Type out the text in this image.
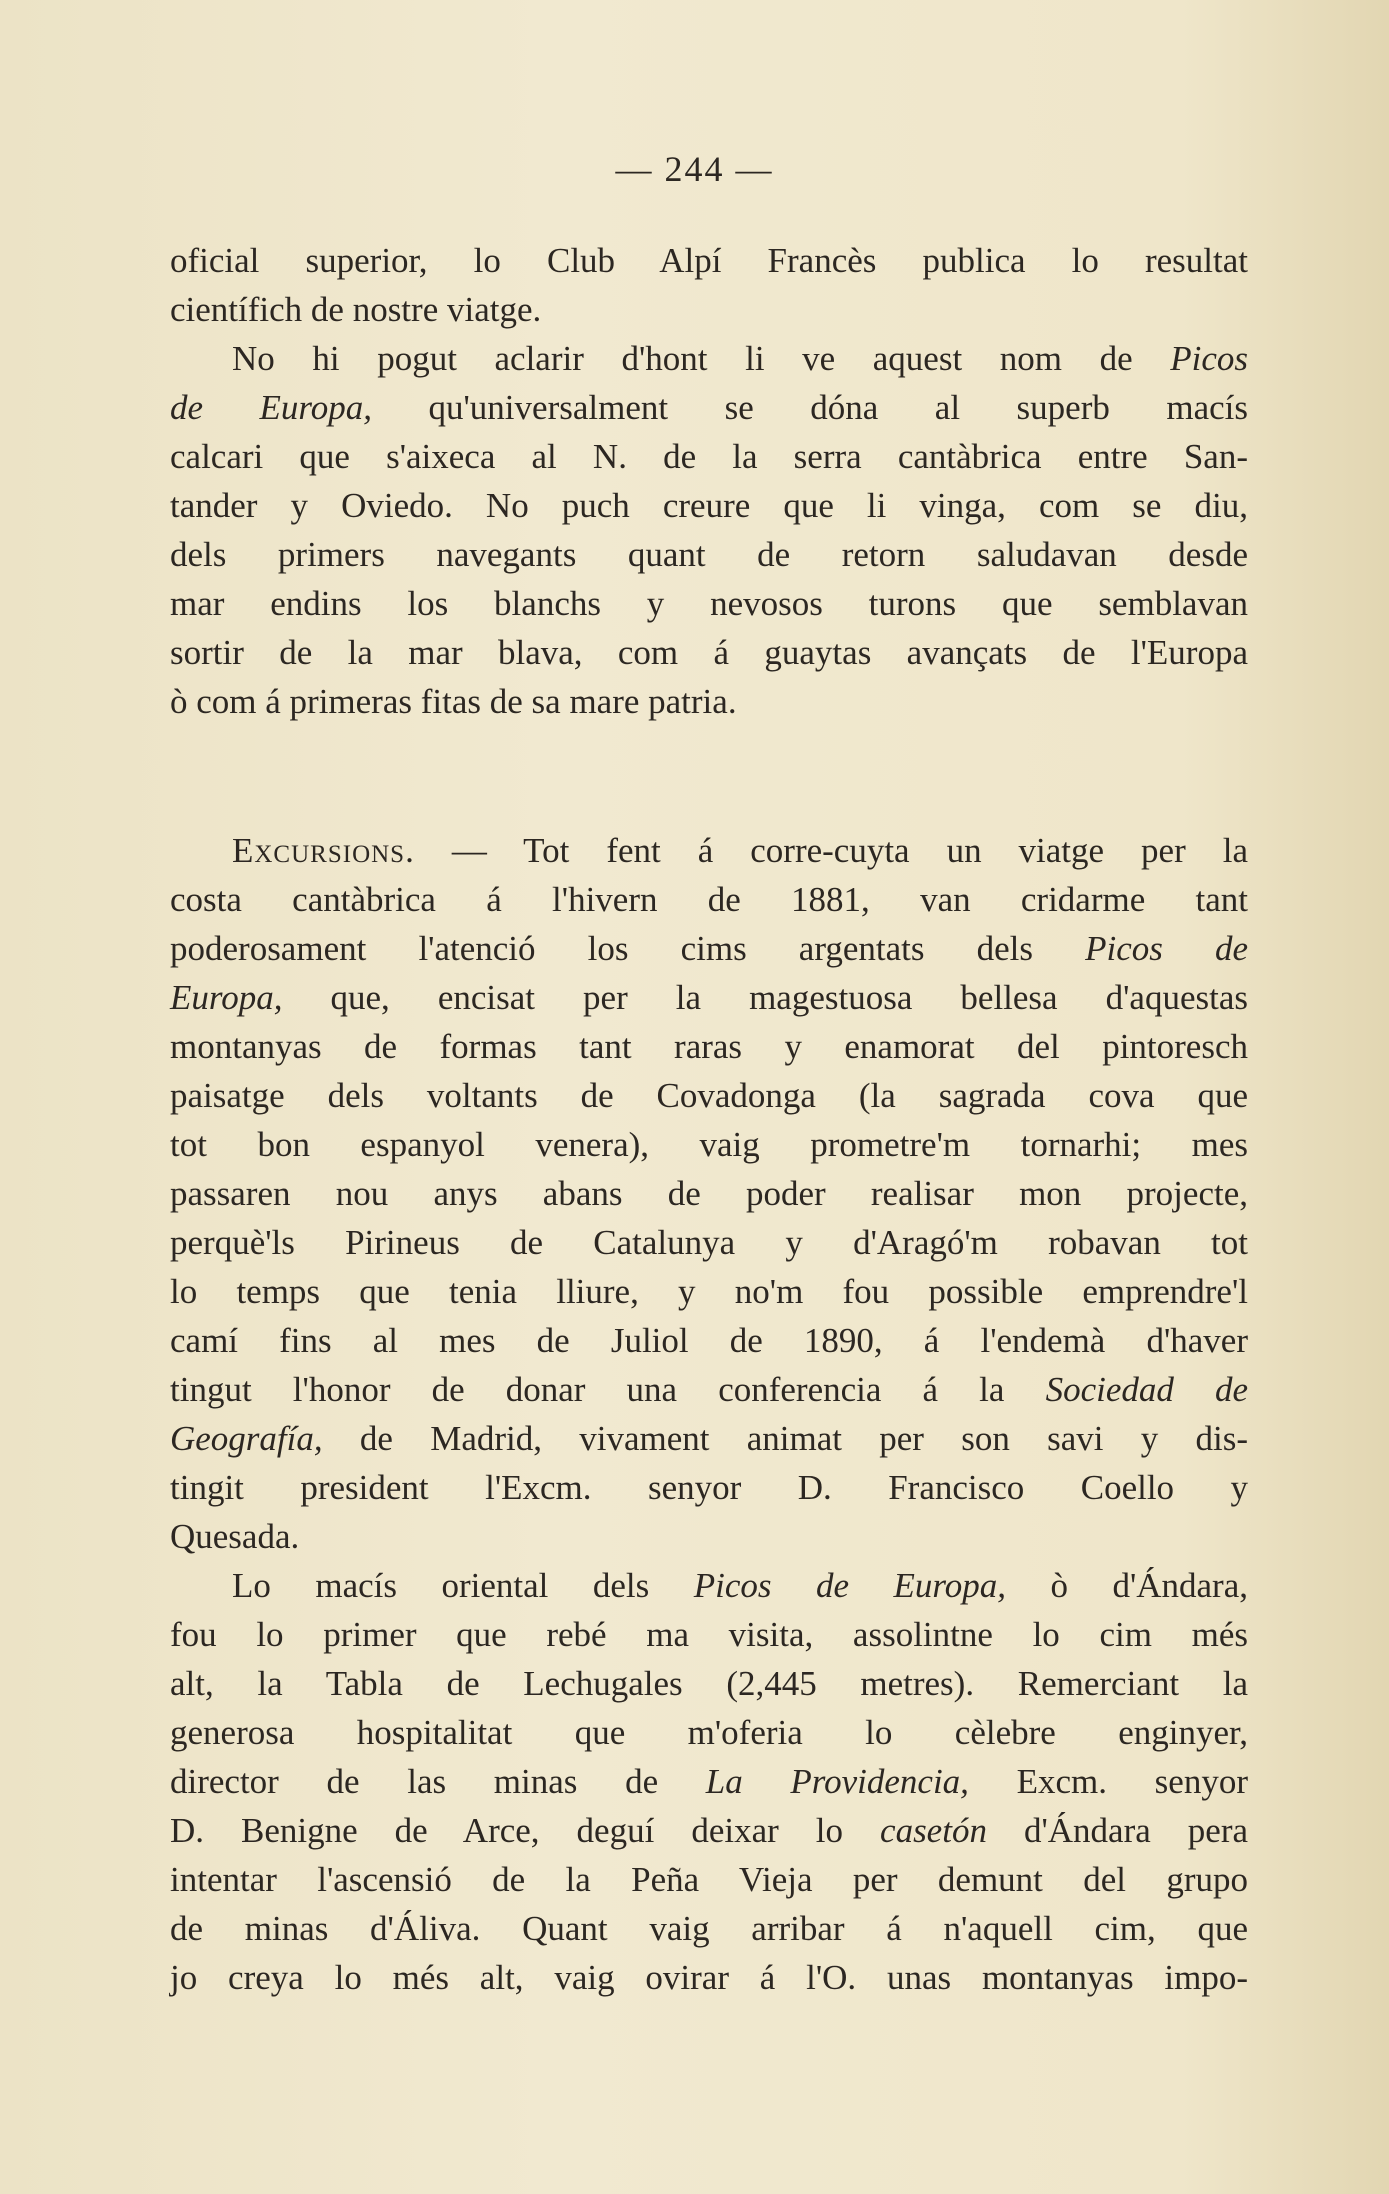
— 244 —
oficial superior, lo Club Alpí Francès publica lo resultat
científich de nostre viatge.
No hi pogut aclarir d'hont li ve aquest nom de Picos
de Europa, qu'universalment se dóna al superb macís
calcari que s'aixeca al N. de la serra cantàbrica entre San-
tander y Oviedo. No puch creure que li vinga, com se diu,
dels primers navegants quant de retorn saludavan desde
mar endins los blanchs y nevosos turons que semblavan
sortir de la mar blava, com á guaytas avançats de l'Europa
ò com á primeras fitas de sa mare patria.
Excursions. — Tot fent á corre-cuyta un viatge per la
costa cantàbrica á l'hivern de 1881, van cridarme tant
poderosament l'atenció los cims argentats dels Picos de
Europa, que, encisat per la magestuosa bellesa d'aquestas
montanyas de formas tant raras y enamorat del pintoresch
paisatge dels voltants de Covadonga (la sagrada cova que
tot bon espanyol venera), vaig prometre'm tornarhi; mes
passaren nou anys abans de poder realisar mon projecte,
perquè'ls Pirineus de Catalunya y d'Aragó'm robavan tot
lo temps que tenia lliure, y no'm fou possible emprendre'l
camí fins al mes de Juliol de 1890, á l'endemà d'haver
tingut l'honor de donar una conferencia á la Sociedad de
Geografía, de Madrid, vivament animat per son savi y dis-
tingit president l'Excm. senyor D. Francisco Coello y
Quesada.
Lo macís oriental dels Picos de Europa, ò d'Ándara,
fou lo primer que rebé ma visita, assolintne lo cim més
alt, la Tabla de Lechugales (2,445 metres). Remerciant la
generosa hospitalitat que m'oferia lo cèlebre enginyer,
director de las minas de La Providencia, Excm. senyor
D. Benigne de Arce, deguí deixar lo casetón d'Ándara pera
intentar l'ascensió de la Peña Vieja per demunt del grupo
de minas d'Áliva. Quant vaig arribar á n'aquell cim, que
jo creya lo més alt, vaig ovirar á l'O. unas montanyas impo-
